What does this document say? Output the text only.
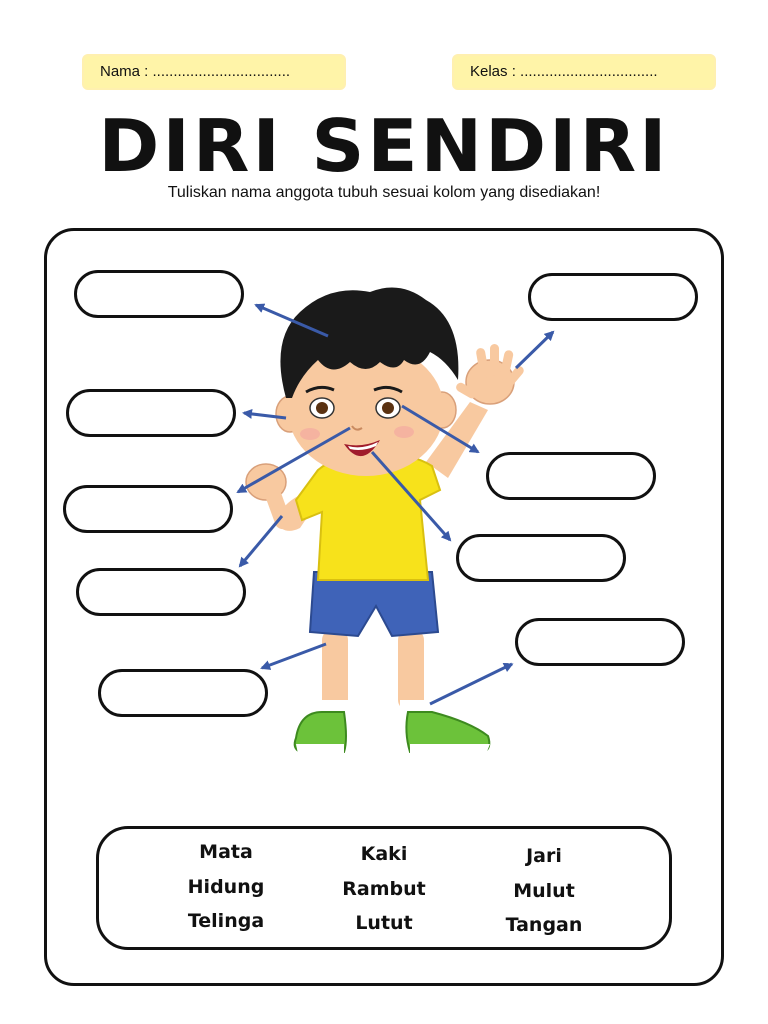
Nama : .................................	Kelas : .................................
DIRI SENDIRI
Tuliskan nama anggota tubuh sesuai kolom yang disediakan!
Mata	Kaki	Jari
Hidung	Rambut	Mulut
Telinga	Lutut	Tangan
